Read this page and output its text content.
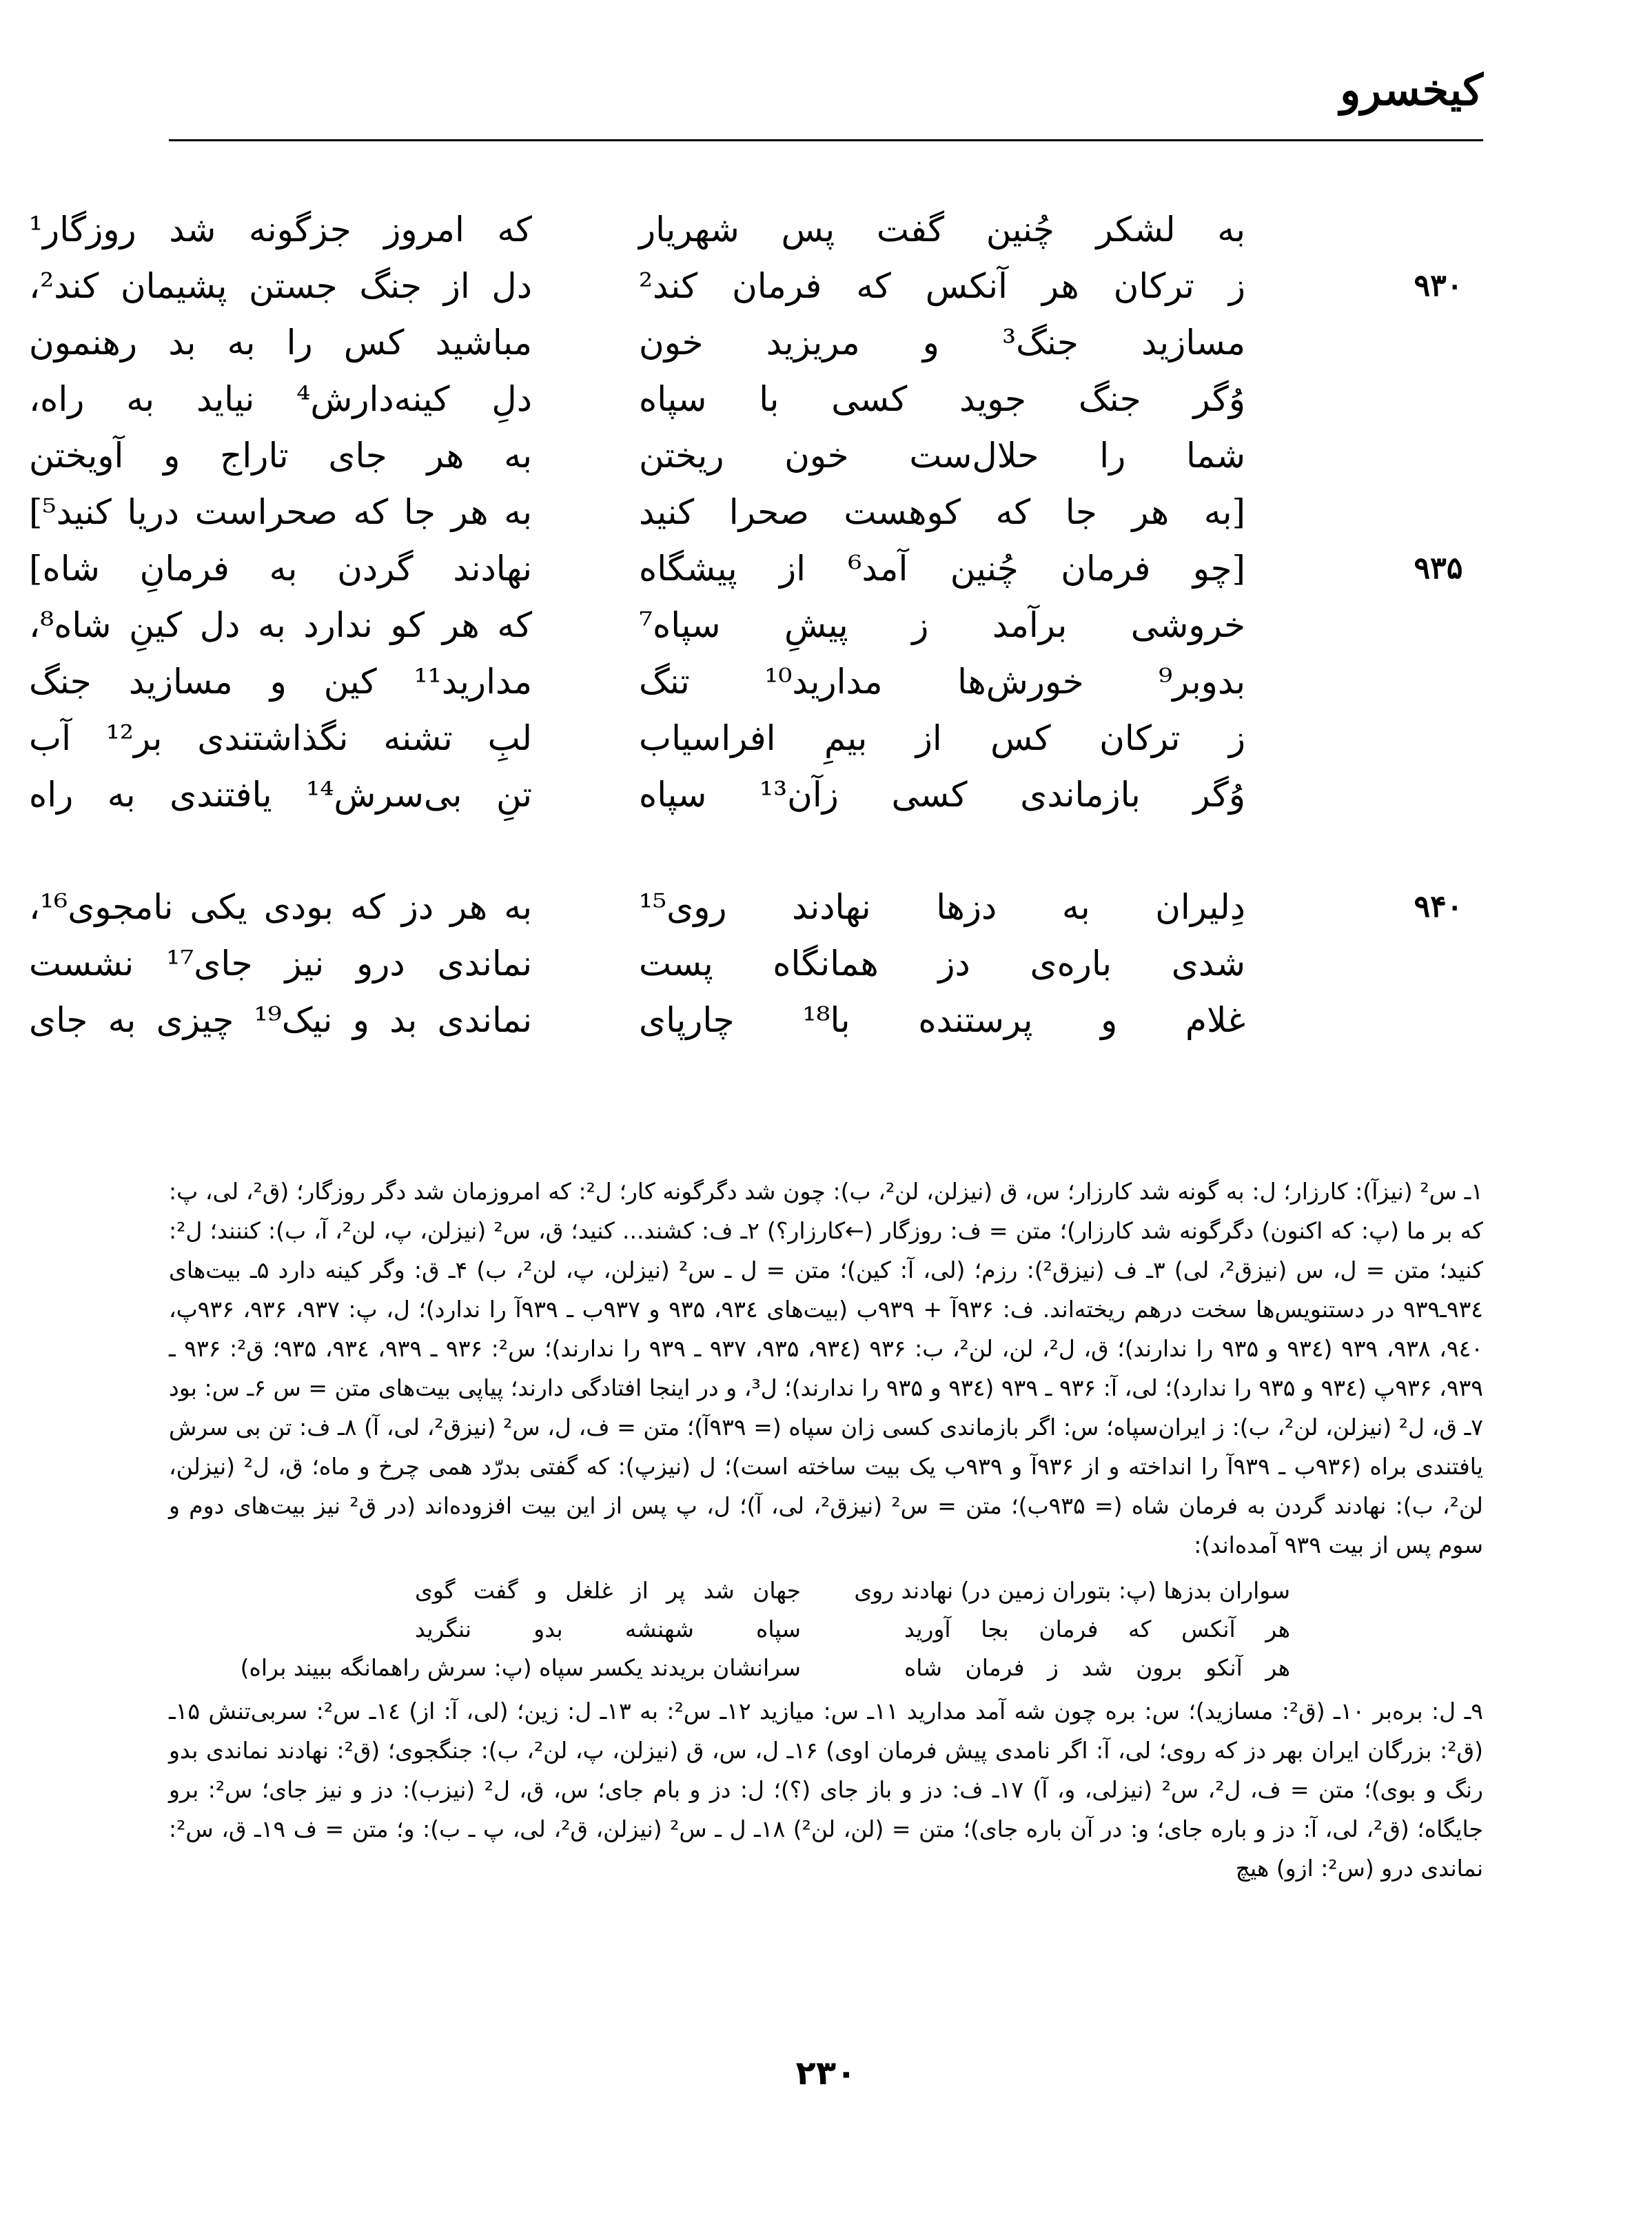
کیخسرو
به لشکر چُنین گفت پس شهریار
که امروز جزگونه شد روزگار¹
۹۳۰
ز ترکان هر آنکس که فرمان کند²
دل از جنگ جستن پشیمان کند²،
مسازید جنگ³ و مریزید خون
مباشید کس را به بد رهنمون
وُگر جنگ جوید کسی با سپاه
دلِ کینه‌دارش⁴ نیاید به راه،
شما را حلال‌ست خون ریختن
به هر جای تاراج و آویختن
[به هر جا که کوهست صحرا کنید
به هر جا که صحراست دریا کنید⁵]
۹۳۵
[چو فرمان چُنین آمد⁶ از پیشگاه
نهادند گردن به فرمانِ شاه]
خروشی برآمد ز پیشِ سپاه⁷
که هر کو ندارد به دل کینِ شاه⁸،
بدوبر⁹ خورش‌ها مدارید¹⁰ تنگ
مدارید¹¹ کین و مسازید جنگ
ز ترکان کس از بیمِ افراسیاب
لبِ تشنه نگذاشتندی بر¹² آب
وُگر بازماندی کسی زآن¹³ سپاه
تنِ بی‌سرش¹⁴ یافتندی به راه
۹۴۰
دِلیران به دزها نهادند روی¹⁵
به هر دز که بودی یکی نامجوی¹⁶،
شدی باره‌ی دز همانگاه پست
نماندی درو نیز جای¹⁷ نشست
غلام و پرستنده با¹⁸ چارپای
نماندی بد و نیک¹⁹ چیزی به جای

۱ـ س² (نیزآ): کارزار؛ ل: به گونه شد کارزار؛ س، ق (نیزلن، لن²، ب): چون شد دگرگونه کار؛ ل²: که امروزمان شد دگر روزگار؛ (ق²، لی، پ: که بر ما (پ: که اکنون) دگرگونه شد کارزار)؛ متن = ف: روزگار (←کارزار؟) ۲ـ ف: کشند... کنید؛ ق، س² (نیزلن، پ، لن²، آ، ب): کننند؛ ل²: کنید؛ متن = ل، س (نیزق²، لی) ۳ـ ف (نیزق²): رزم؛ (لی، آ: کین)؛ متن = ل ـ س² (نیزلن، پ، لن²، ب) ۴ـ ق: وگر کینه دارد ۵ـ بیت‌های ۹۳٤ـ۹۳۹ در دستنویس‌ها سخت درهم ریخته‌اند. ف: ۹۳۶آ + ۹۳۹ب (بیت‌های ۹۳٤، ۹۳۵ و ۹۳۷ب ـ ۹۳۹آ را ندارد)؛ ل، پ: ۹۳۷، ۹۳۶، ۹۳۶پ، ۹٤۰، ۹۳۸، ۹۳۹ (۹۳٤ و ۹۳۵ را ندارند)؛ ق، ل²، لن، لن²، ب: ۹۳۶ (۹۳٤، ۹۳۵، ۹۳۷ ـ ۹۳۹ را ندارند)؛ س²: ۹۳۶ ـ ۹۳۹، ۹۳٤، ۹۳۵؛ ق²: ۹۳۶ ـ ۹۳۹، ۹۳۶پ (۹۳٤ و ۹۳۵ را ندارد)؛ لی، آ: ۹۳۶ ـ ۹۳۹ (۹۳٤ و ۹۳۵ را ندارند)؛ ل³، و در اینجا افتادگی دارند؛ پیاپی بیت‌های متن = س ۶ـ س: بود ۷ـ ق، ل² (نیزلن، لن²، ب): ز ایران‌سپاه؛ س: اگر بازماندی کسی زان سپاه (= ۹۳۹آ)؛ متن = ف، ل، س² (نیزق²، لی، آ) ۸ـ ف: تن بی سرش یافتندی براه (۹۳۶ب ـ ۹۳۹آ را انداخته و از ۹۳۶آ و ۹۳۹ب یک بیت ساخته است)؛ ل (نیزپ): که گفتی بدرّد همی چرخ و ماه؛ ق، ل² (نیزلن، لن²، ب): نهادند گردن به فرمان شاه (= ۹۳۵ب)؛ متن = س² (نیزق²، لی، آ)؛ ل، پ پس از این بیت افزوده‌اند (در ق² نیز بیت‌های دوم و سوم پس از بیت ۹۳۹ آمده‌اند):

سواران بدزها (پ: بتوران زمین در) نهادند روی
جهان شد پر از غلغل و گفت گوی
هر آنکس که فرمان بجا آورید
سپاه شهنشه بدو ننگرید
هر آنکو برون شد ز فرمان شاه
سرانشان بریدند یکسر سپاه (پ: سرش راهمانگه ببیند براه)

۹ـ ل: بره‌بر ۱۰ـ (ق²: مسازید)؛ س: بره چون شه آمد مدارید ۱۱ـ س: میازید ۱۲ـ س²: به ۱۳ـ ل: زین؛ (لی، آ: از) ۱٤ـ س²: سربی‌تنش ۱۵ـ (ق²: بزرگان ایران بهر دز که روی؛ لی، آ: اگر نامدی پیش فرمان اوی) ۱۶ـ ل، س، ق (نیزلن، پ، لن²، ب): جنگجوی؛ (ق²: نهادند نماندی بدو رنگ و بوی)؛ متن = ف، ل²، س² (نیزلی، و، آ) ۱۷ـ ف: دز و باز جای (؟)؛ ل: دز و بام جای؛ س، ق، ل² (نیزب): دز و نیز جای؛ س²: برو جایگاه؛ (ق²، لی، آ: دز و باره جای؛ و: در آن باره جای)؛ متن = (لن، لن²) ۱۸ـ ل ـ س² (نیزلن، ق²، لی، پ ـ ب): و؛ متن = ف ۱۹ـ ق، س²: نماندی درو (س²: ازو) هیچ

۲۳۰
